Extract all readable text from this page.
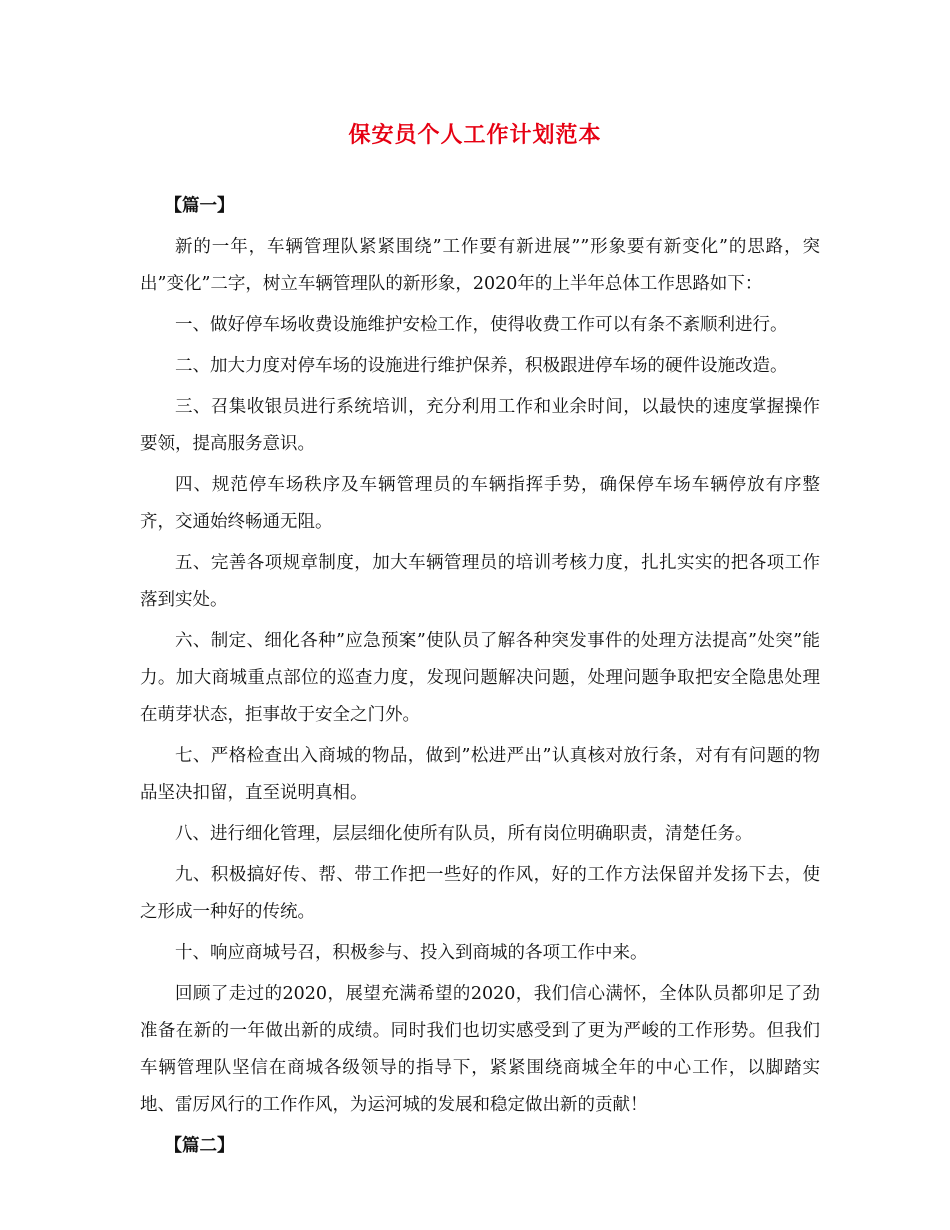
保安员个人工作计划范本

【篇一】

新的一年，车辆管理队紧紧围绕”工作要有新进展””形象要有新变化”的思路，突出”变化”二字，树立车辆管理队的新形象，2020年的上半年总体工作思路如下：

一、做好停车场收费设施维护安检工作，使得收费工作可以有条不紊顺利进行。

二、加大力度对停车场的设施进行维护保养，积极跟进停车场的硬件设施改造。

三、召集收银员进行系统培训，充分利用工作和业余时间，以最快的速度掌握操作要领，提高服务意识。

四、规范停车场秩序及车辆管理员的车辆指挥手势，确保停车场车辆停放有序整齐，交通始终畅通无阻。

五、完善各项规章制度，加大车辆管理员的培训考核力度，扎扎实实的把各项工作落到实处。

六、制定、细化各种”应急预案”使队员了解各种突发事件的处理方法提高”处突”能力。加大商城重点部位的巡查力度，发现问题解决问题，处理问题争取把安全隐患处理在萌芽状态，拒事故于安全之门外。

七、严格检查出入商城的物品，做到”松进严出”认真核对放行条，对有有问题的物品坚决扣留，直至说明真相。

八、进行细化管理，层层细化使所有队员，所有岗位明确职责，清楚任务。

九、积极搞好传、帮、带工作把一些好的作风，好的工作方法保留并发扬下去，使之形成一种好的传统。

十、响应商城号召，积极参与、投入到商城的各项工作中来。

回顾了走过的2020，展望充满希望的2020，我们信心满怀，全体队员都卯足了劲准备在新的一年做出新的成绩。同时我们也切实感受到了更为严峻的工作形势。但我们车辆管理队坚信在商城各级领导的指导下，紧紧围绕商城全年的中心工作，以脚踏实地、雷厉风行的工作作风，为运河城的发展和稳定做出新的贡献！

【篇二】
